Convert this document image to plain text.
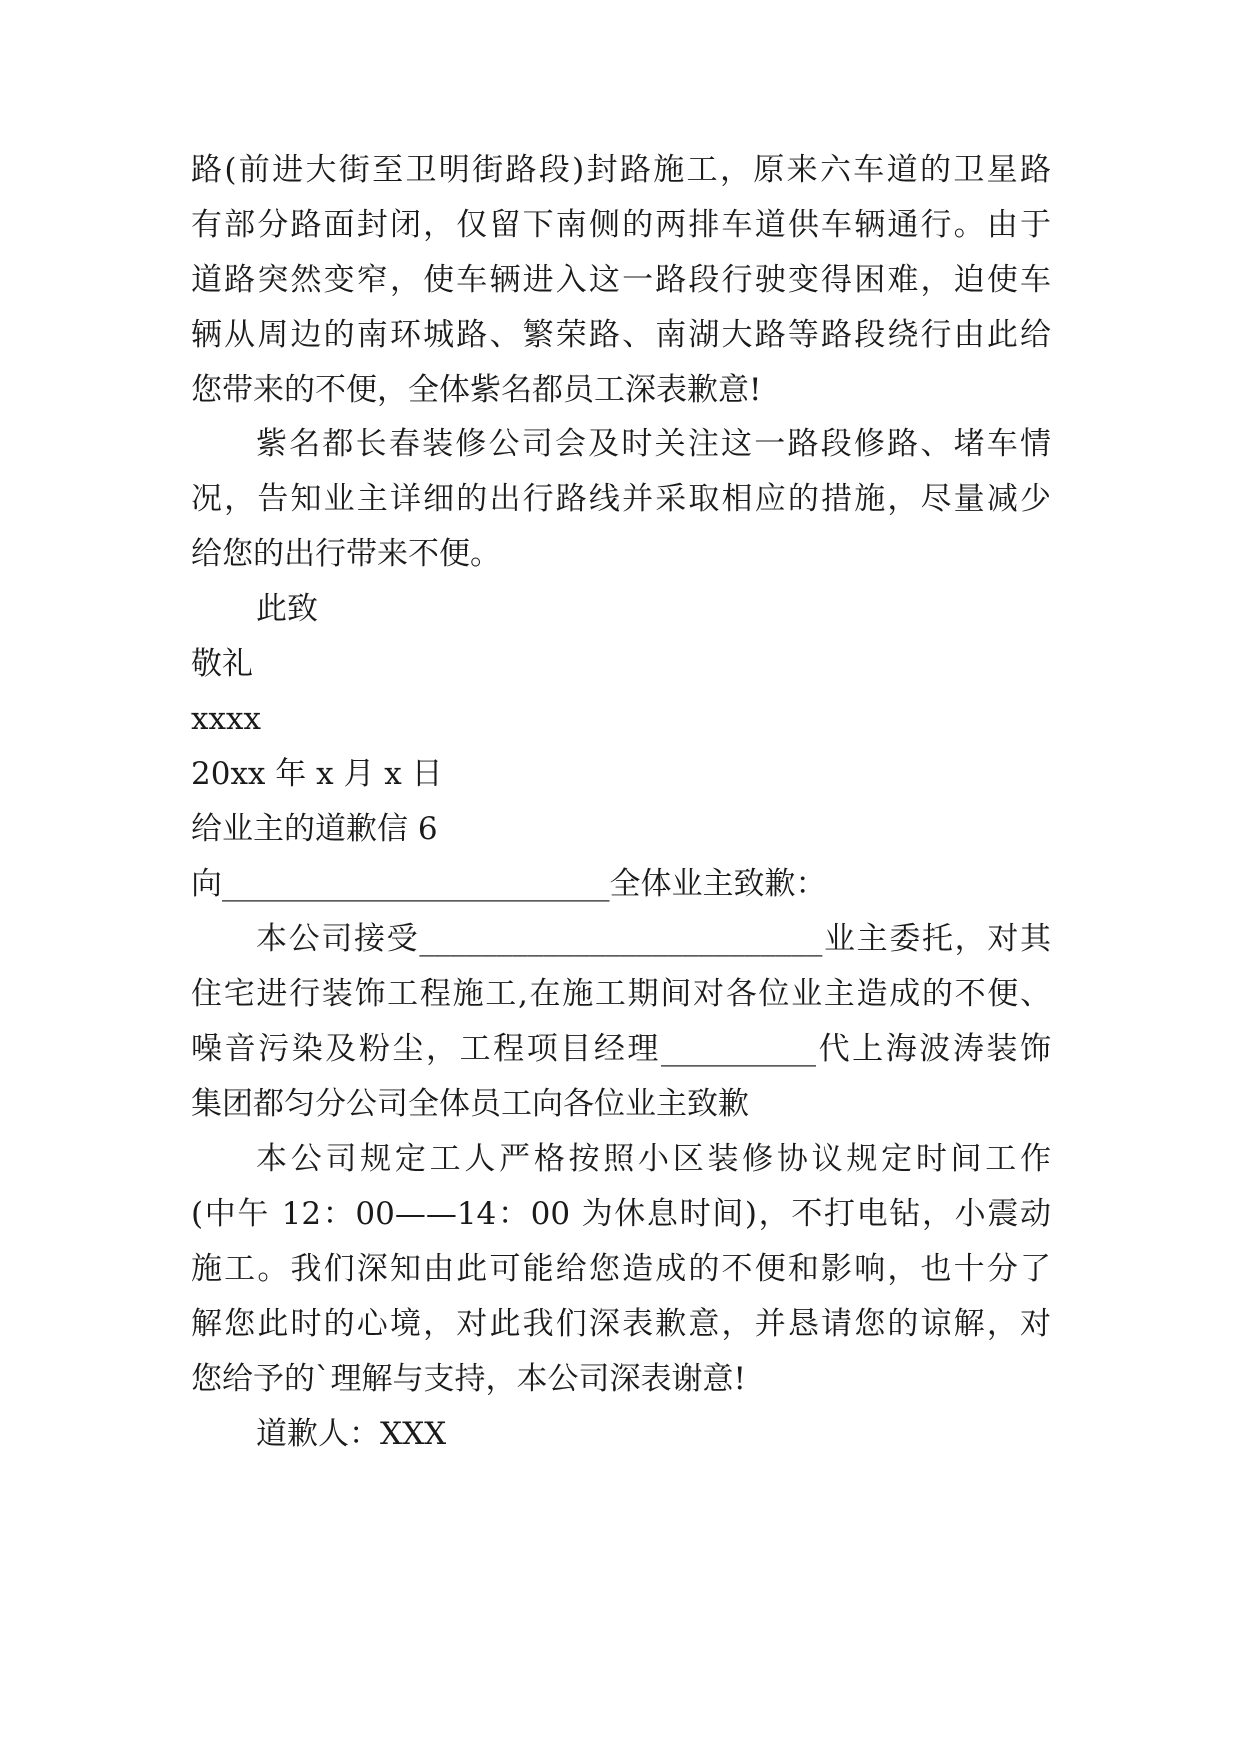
路(前进大街至卫明街路段)封路施工，原来六车道的卫星路
有部分路面封闭，仅留下南侧的两排车道供车辆通行。由于
道路突然变窄，使车辆进入这一路段行驶变得困难，迫使车
辆从周边的南环城路、繁荣路、南湖大路等路段绕行由此给
您带来的不便，全体紫名都员工深表歉意!
紫名都长春装修公司会及时关注这一路段修路、堵车情
况，告知业主详细的出行路线并采取相应的措施，尽量减少
给您的出行带来不便。
此致
敬礼
xxxx
20xx 年 x 月 x 日
给业主的道歉信 6
向_________________________全体业主致歉：
本公司接受__________________________业主委托，对其
住宅进行装饰工程施工,在施工期间对各位业主造成的不便、
噪音污染及粉尘，工程项目经理__________代上海波涛装饰
集团都匀分公司全体员工向各位业主致歉
本公司规定工人严格按照小区装修协议规定时间工作
(中午 12：00——14：00 为休息时间)，不打电钻，小震动
施工。我们深知由此可能给您造成的不便和影响，也十分了
解您此时的心境，对此我们深表歉意，并恳请您的谅解，对
您给予的`理解与支持，本公司深表谢意!
道歉人：XXX
